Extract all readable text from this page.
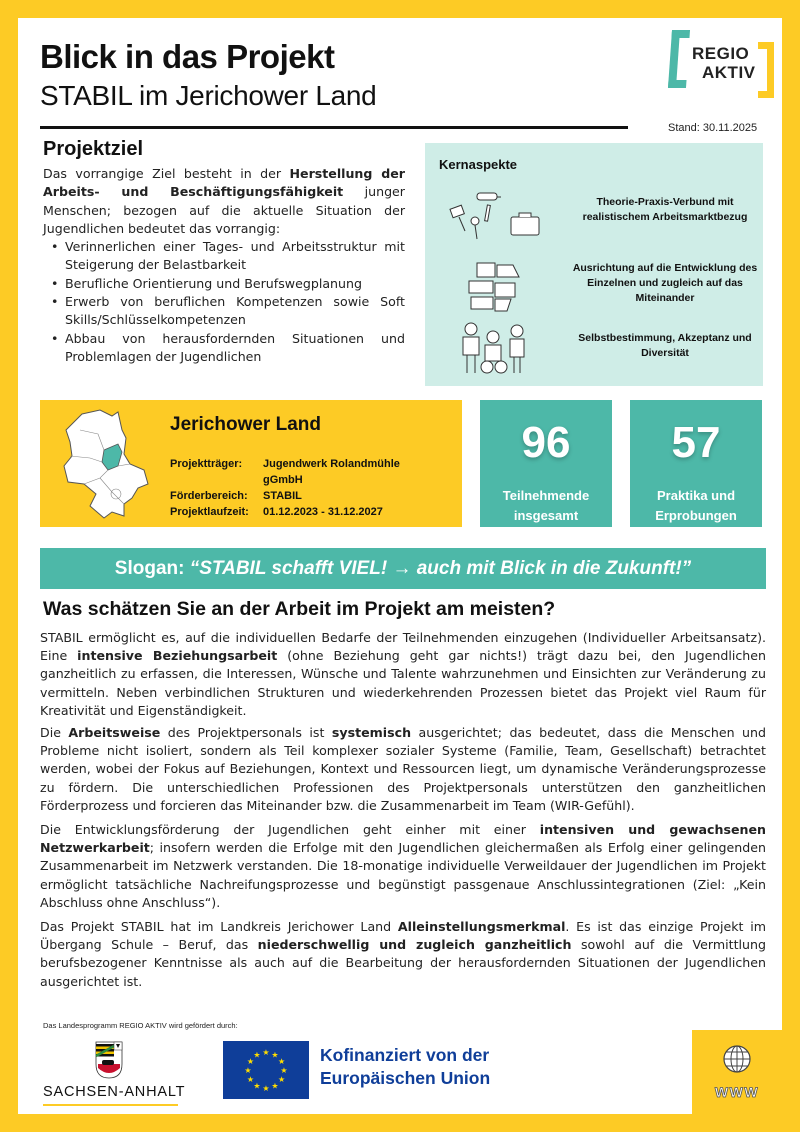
Blick in das Projekt
STABIL im Jerichower Land
Stand: 30.11.2025
REGIO
AKTIV
Projektziel
Das vorrangige Ziel besteht in der Herstellung der Arbeits- und Beschäftigungsfähigkeit junger Menschen; bezogen auf die aktuelle Situation der Jugendlichen bedeutet das vorrangig:
• Verinnerlichen einer Tages- und Arbeitsstruktur mit Steigerung der Belastbarkeit
• Berufliche Orientierung und Berufswegplanung
• Erwerb von beruflichen Kompetenzen sowie Soft Skills/Schlüsselkompetenzen
• Abbau von herausfordernden Situationen und Problemlagen der Jugendlichen
Kernaspekte
Theorie-Praxis-Verbund mit realistischem Arbeitsmarktbezug
Ausrichtung auf die Entwicklung des Einzelnen und zugleich auf das Miteinander
Selbstbestimmung, Akzeptanz und Diversität
Jerichower Land
Projektträger:	Jugendwerk Rolandmühle gGmbH
Förderbereich:	STABIL
Projektlaufzeit:	01.12.2023 - 31.12.2027
96
Teilnehmende
insgesamt
57
Praktika und
Erprobungen
Slogan: “STABIL schafft VIEL! → auch mit Blick in die Zukunft!”
Was schätzen Sie an der Arbeit im Projekt am meisten?

STABIL ermöglicht es, auf die individuellen Bedarfe der Teilnehmenden einzugehen (Individueller Arbeitsansatz). Eine intensive Beziehungsarbeit (ohne Beziehung geht gar nichts!) trägt dazu bei, den Jugendlichen ganzheitlich zu erfassen, die Interessen, Wünsche und Talente wahrzunehmen und Einsichten zur Veränderung zu vermitteln. Neben verbindlichen Strukturen und wiederkehrenden Prozessen bietet das Projekt viel Raum für Kreativität und Eigenständigkeit.

Die Arbeitsweise des Projektpersonals ist systemisch ausgerichtet; das bedeutet, dass die Menschen und Probleme nicht isoliert, sondern als Teil komplexer sozialer Systeme (Familie, Team, Gesellschaft) betrachtet werden, wobei der Fokus auf Beziehungen, Kontext und Ressourcen liegt, um dynamische Veränderungsprozesse zu fördern. Die unterschiedlichen Professionen des Projektpersonals unterstützen den ganzheitlichen Förderprozess und forcieren das Miteinander bzw. die Zusammenarbeit im Team (WIR-Gefühl).

Die Entwicklungsförderung der Jugendlichen geht einher mit einer intensiven und gewachsenen Netzwerkarbeit; insofern werden die Erfolge mit den Jugendlichen gleichermaßen als Erfolg einer gelingenden Zusammenarbeit im Netzwerk verstanden. Die 18-monatige individuelle Verweildauer der Jugendlichen im Projekt ermöglicht tatsächliche Nachreifungsprozesse und begünstigt passgenaue Anschlussintegrationen (Ziel: „Kein Abschluss ohne Anschluss“).

Das Projekt STABIL hat im Landkreis Jerichower Land Alleinstellungsmerkmal. Es ist das einzige Projekt im Übergang Schule – Beruf, das niederschwellig und zugleich ganzheitlich sowohl auf die Vermittlung berufsbezogener Kenntnisse als auch auf die Bearbeitung der herausfordernden Situationen der Jugendlichen ausgerichtet ist.

Das Landesprogramm REGIO AKTIV wird gefördert durch:
SACHSEN-ANHALT
★ ★
★
★
★
★
★
★
★
★
★
★	Kofinanziert von der
Europäischen Union
WWW
